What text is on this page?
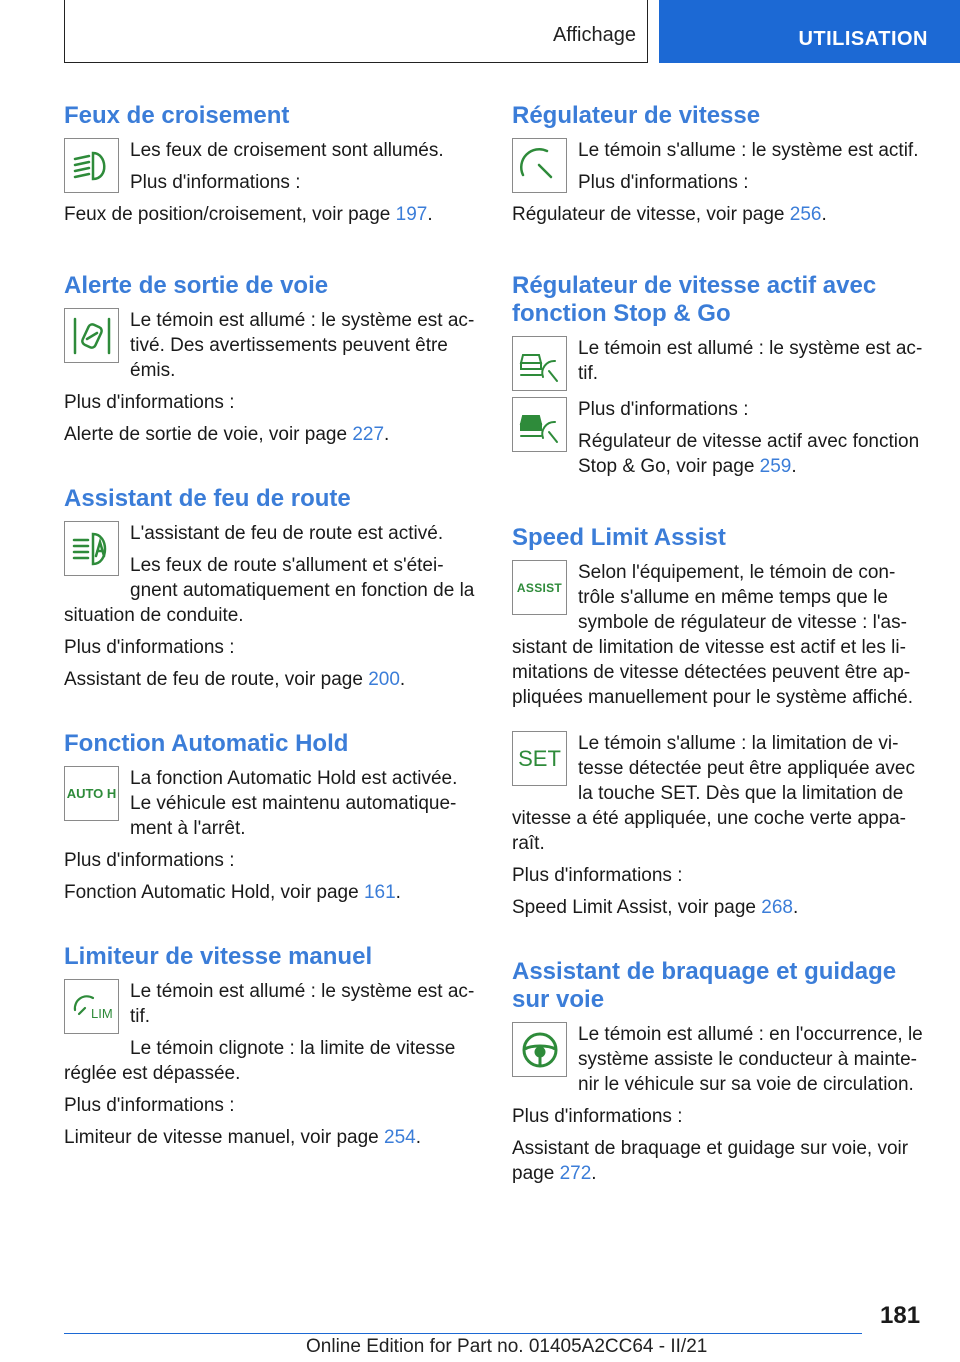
Affichage	UTILISATION
Feux de croisement

Les feux de croisement sont allumés.

Plus d'informations :

Feux de position/croisement, voir page 197.

Alerte de sortie de voie

Le témoin est allumé : le système est activé. Des avertissements peuvent être émis.

Plus d'informations :

Alerte de sortie de voie, voir page 227.

Assistant de feu de route

L'assistant de feu de route est activé.

Les feux de route s'allument et s'éteignent automatiquement en fonction de la situation de conduite.

Plus d'informations :

Assistant de feu de route, voir page 200.

Fonction Automatic Hold
AUTO H

La fonction Automatic Hold est activée. Le véhicule est maintenu automatiquement à l'arrêt.

Plus d'informations :

Fonction Automatic Hold, voir page 161.

Limiteur de vitesse manuel
LIM

Le témoin est allumé : le système est actif.

Le témoin clignote : la limite de vitesse réglée est dépassée.

Plus d'informations :

Limiteur de vitesse manuel, voir page 254.

Régulateur de vitesse

Le témoin s'allume : le système est actif.

Plus d'informations :

Régulateur de vitesse, voir page 256.

Régulateur de vitesse actif avec fonction Stop & Go

Le témoin est allumé : le système est actif.

Plus d'informations :

Régulateur de vitesse actif avec fonction Stop & Go, voir page 259.

Speed Limit Assist
ASSIST

Selon l'équipement, le témoin de contrôle s'allume en même temps que le symbole de régulateur de vitesse : l'assistant de limitation de vitesse est actif et les limitations de vitesse détectées peuvent être appliquées manuellement pour le système affiché.

SET

Le témoin s'allume : la limitation de vitesse détectée peut être appliquée avec la touche SET. Dès que la limitation de vitesse a été appliquée, une coche verte apparaît.

Plus d'informations :

Speed Limit Assist, voir page 268.

Assistant de braquage et guidage sur voie

Le témoin est allumé : en l'occurrence, le système assiste le conducteur à maintenir le véhicule sur sa voie de circulation.

Plus d'informations :

Assistant de braquage et guidage sur voie, voir page 272.

181
Online Edition for Part no. 01405A2CC64 - II/21
